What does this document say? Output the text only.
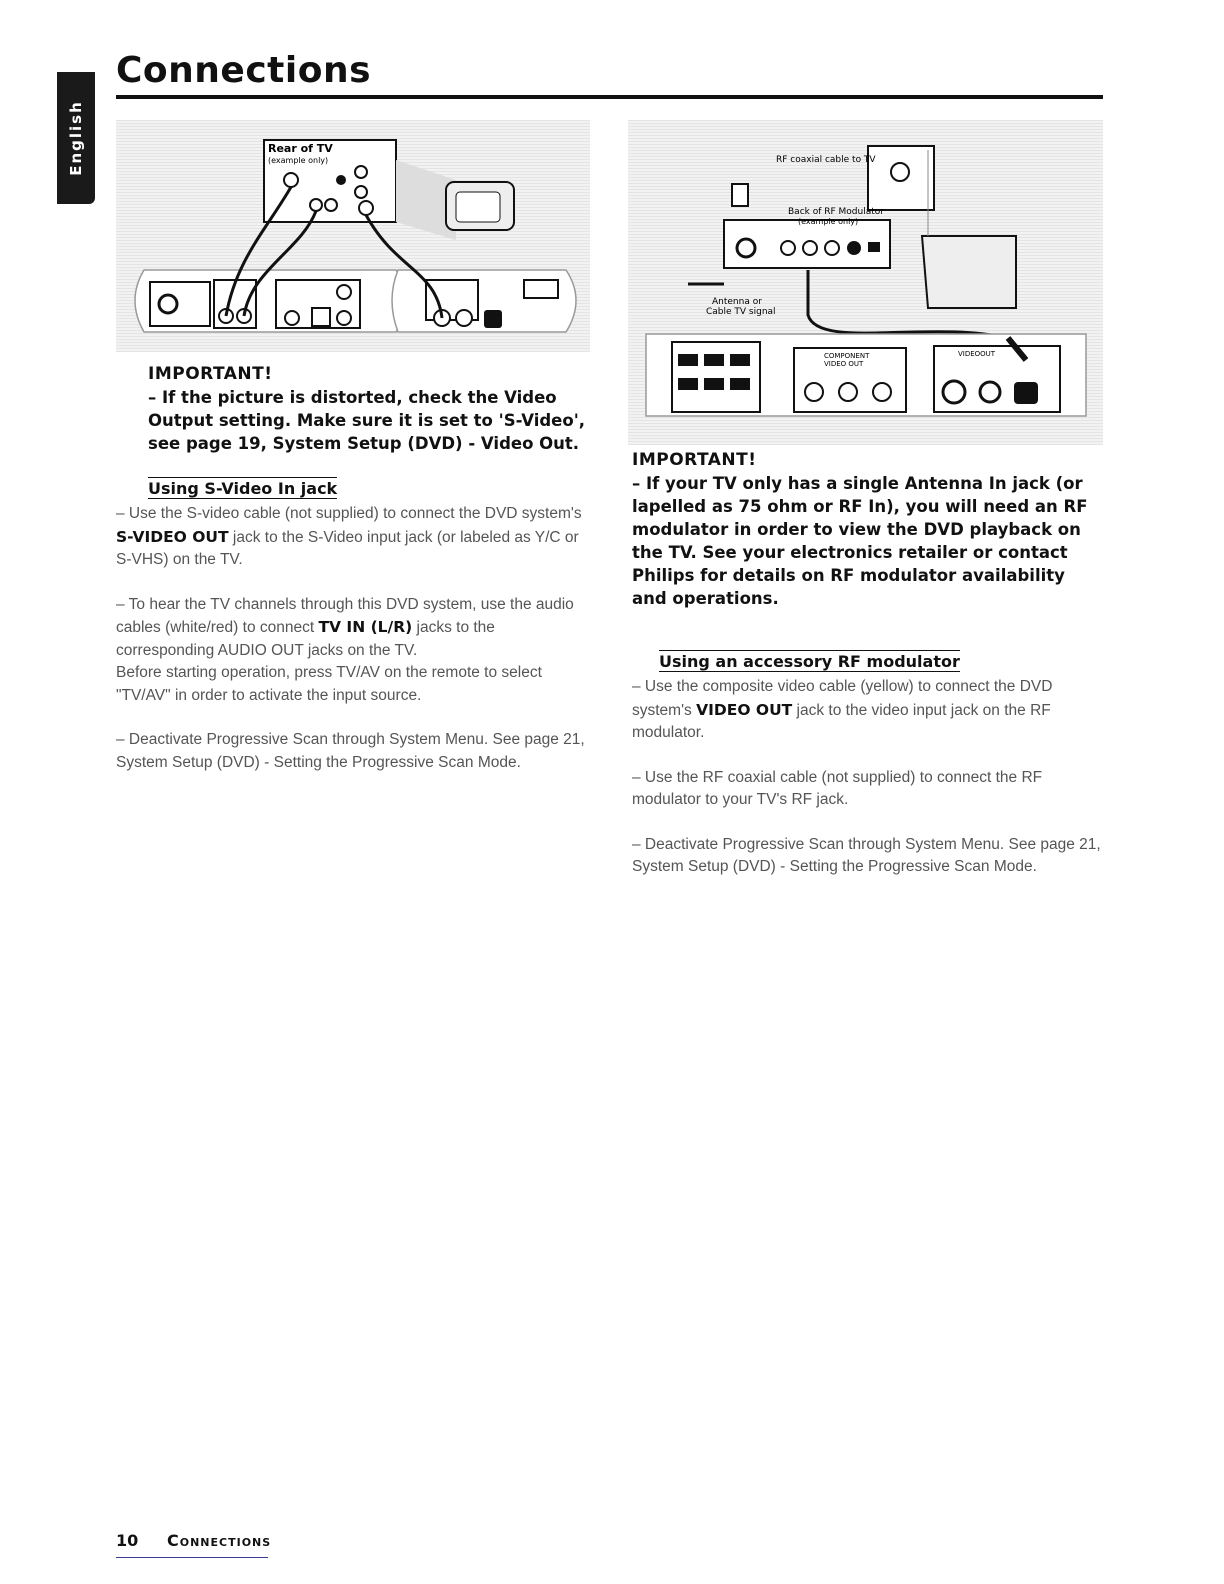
English
Connections
Rear of TV
(example only)	RF coaxial cable to TV
Back of RF Modulator
(example only)
Antenna or
Cable TV signal
COMPONENT
VIDEO OUT
VIDEOOUT

IMPORTANT!

– If the picture is distorted, check the Video Output setting. Make sure it is set to 'S-Video', see page 19, System Setup (DVD) - Video Out.

Using S-Video In jack

– Use the S-video cable (not supplied) to connect the DVD system's S-VIDEO OUT jack to the S-Video input jack (or labeled as Y/C or S-VHS) on the TV.

– To hear the TV channels through this DVD system, use the audio cables (white/red) to connect TV IN (L/R) jacks to the corresponding AUDIO OUT jacks on the TV.

Before starting operation, press TV/AV on the remote to select "TV/AV" in order to activate the input source.

– Deactivate Progressive Scan through System Menu. See page 21, System Setup (DVD) - Setting the Progressive Scan Mode.

IMPORTANT!

– If your TV only has a single Antenna In jack (or lapelled as 75 ohm or RF In), you will need an RF modulator in order to view the DVD playback on the TV. See your electronics retailer or contact Philips for details on RF modulator availability and operations.

Using an accessory RF modulator

– Use the composite video cable (yellow) to connect the DVD system's VIDEO OUT jack to the video input jack on the RF modulator.

– Use the RF coaxial cable (not supplied) to connect the RF modulator to your TV's RF jack.

– Deactivate Progressive Scan through System Menu. See page 21, System Setup (DVD) - Setting the Progressive Scan Mode.

10 Connections
